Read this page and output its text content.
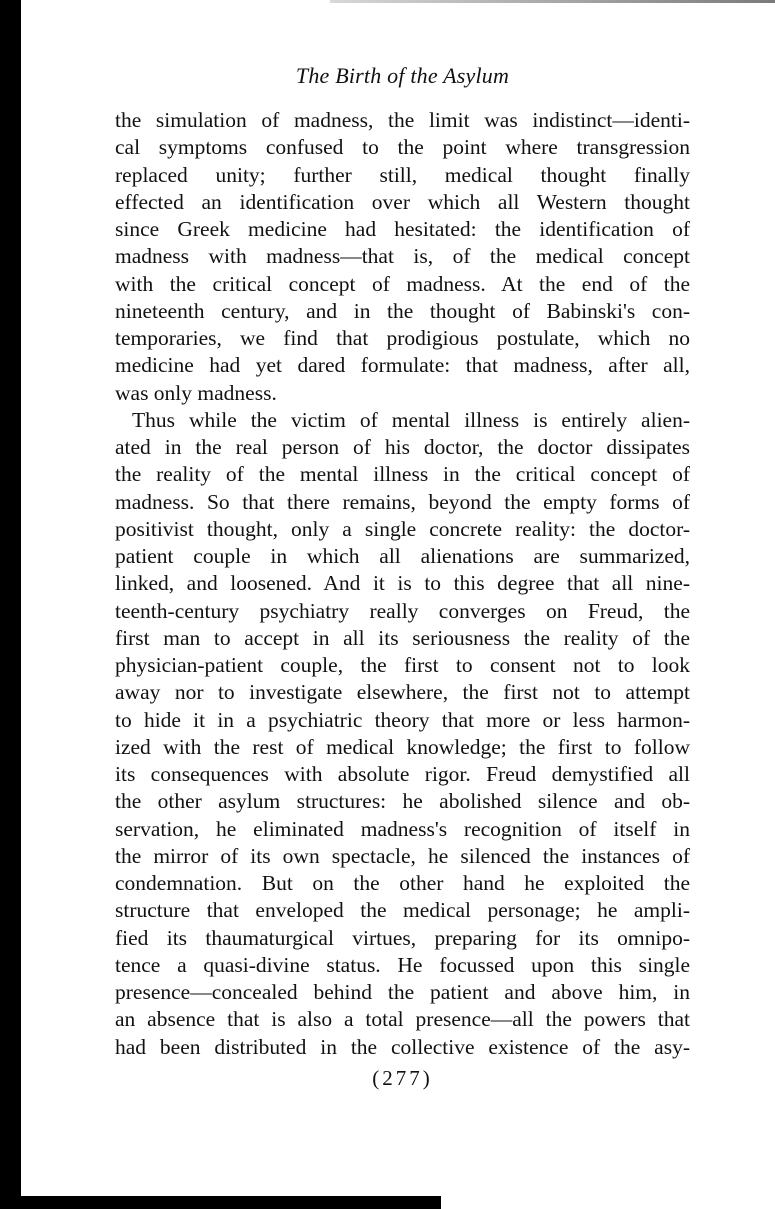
The Birth of the Asylum
the simulation of madness, the limit was indistinct—identi-
cal symptoms confused to the point where transgression
replaced unity; further still, medical thought finally
effected an identification over which all Western thought
since Greek medicine had hesitated: the identification of
madness with madness—that is, of the medical concept
with the critical concept of madness. At the end of the
nineteenth century, and in the thought of Babinski's con-
temporaries, we find that prodigious postulate, which no
medicine had yet dared formulate: that madness, after all,
was only madness.
Thus while the victim of mental illness is entirely alien-
ated in the real person of his doctor, the doctor dissipates
the reality of the mental illness in the critical concept of
madness. So that there remains, beyond the empty forms of
positivist thought, only a single concrete reality: the doctor-
patient couple in which all alienations are summarized,
linked, and loosened. And it is to this degree that all nine-
teenth-century psychiatry really converges on Freud, the
first man to accept in all its seriousness the reality of the
physician-patient couple, the first to consent not to look
away nor to investigate elsewhere, the first not to attempt
to hide it in a psychiatric theory that more or less harmon-
ized with the rest of medical knowledge; the first to follow
its consequences with absolute rigor. Freud demystified all
the other asylum structures: he abolished silence and ob-
servation, he eliminated madness's recognition of itself in
the mirror of its own spectacle, he silenced the instances of
condemnation. But on the other hand he exploited the
structure that enveloped the medical personage; he ampli-
fied its thaumaturgical virtues, preparing for its omnipo-
tence a quasi-divine status. He focussed upon this single
presence—concealed behind the patient and above him, in
an absence that is also a total presence—all the powers that
had been distributed in the collective existence of the asy-
(277)
